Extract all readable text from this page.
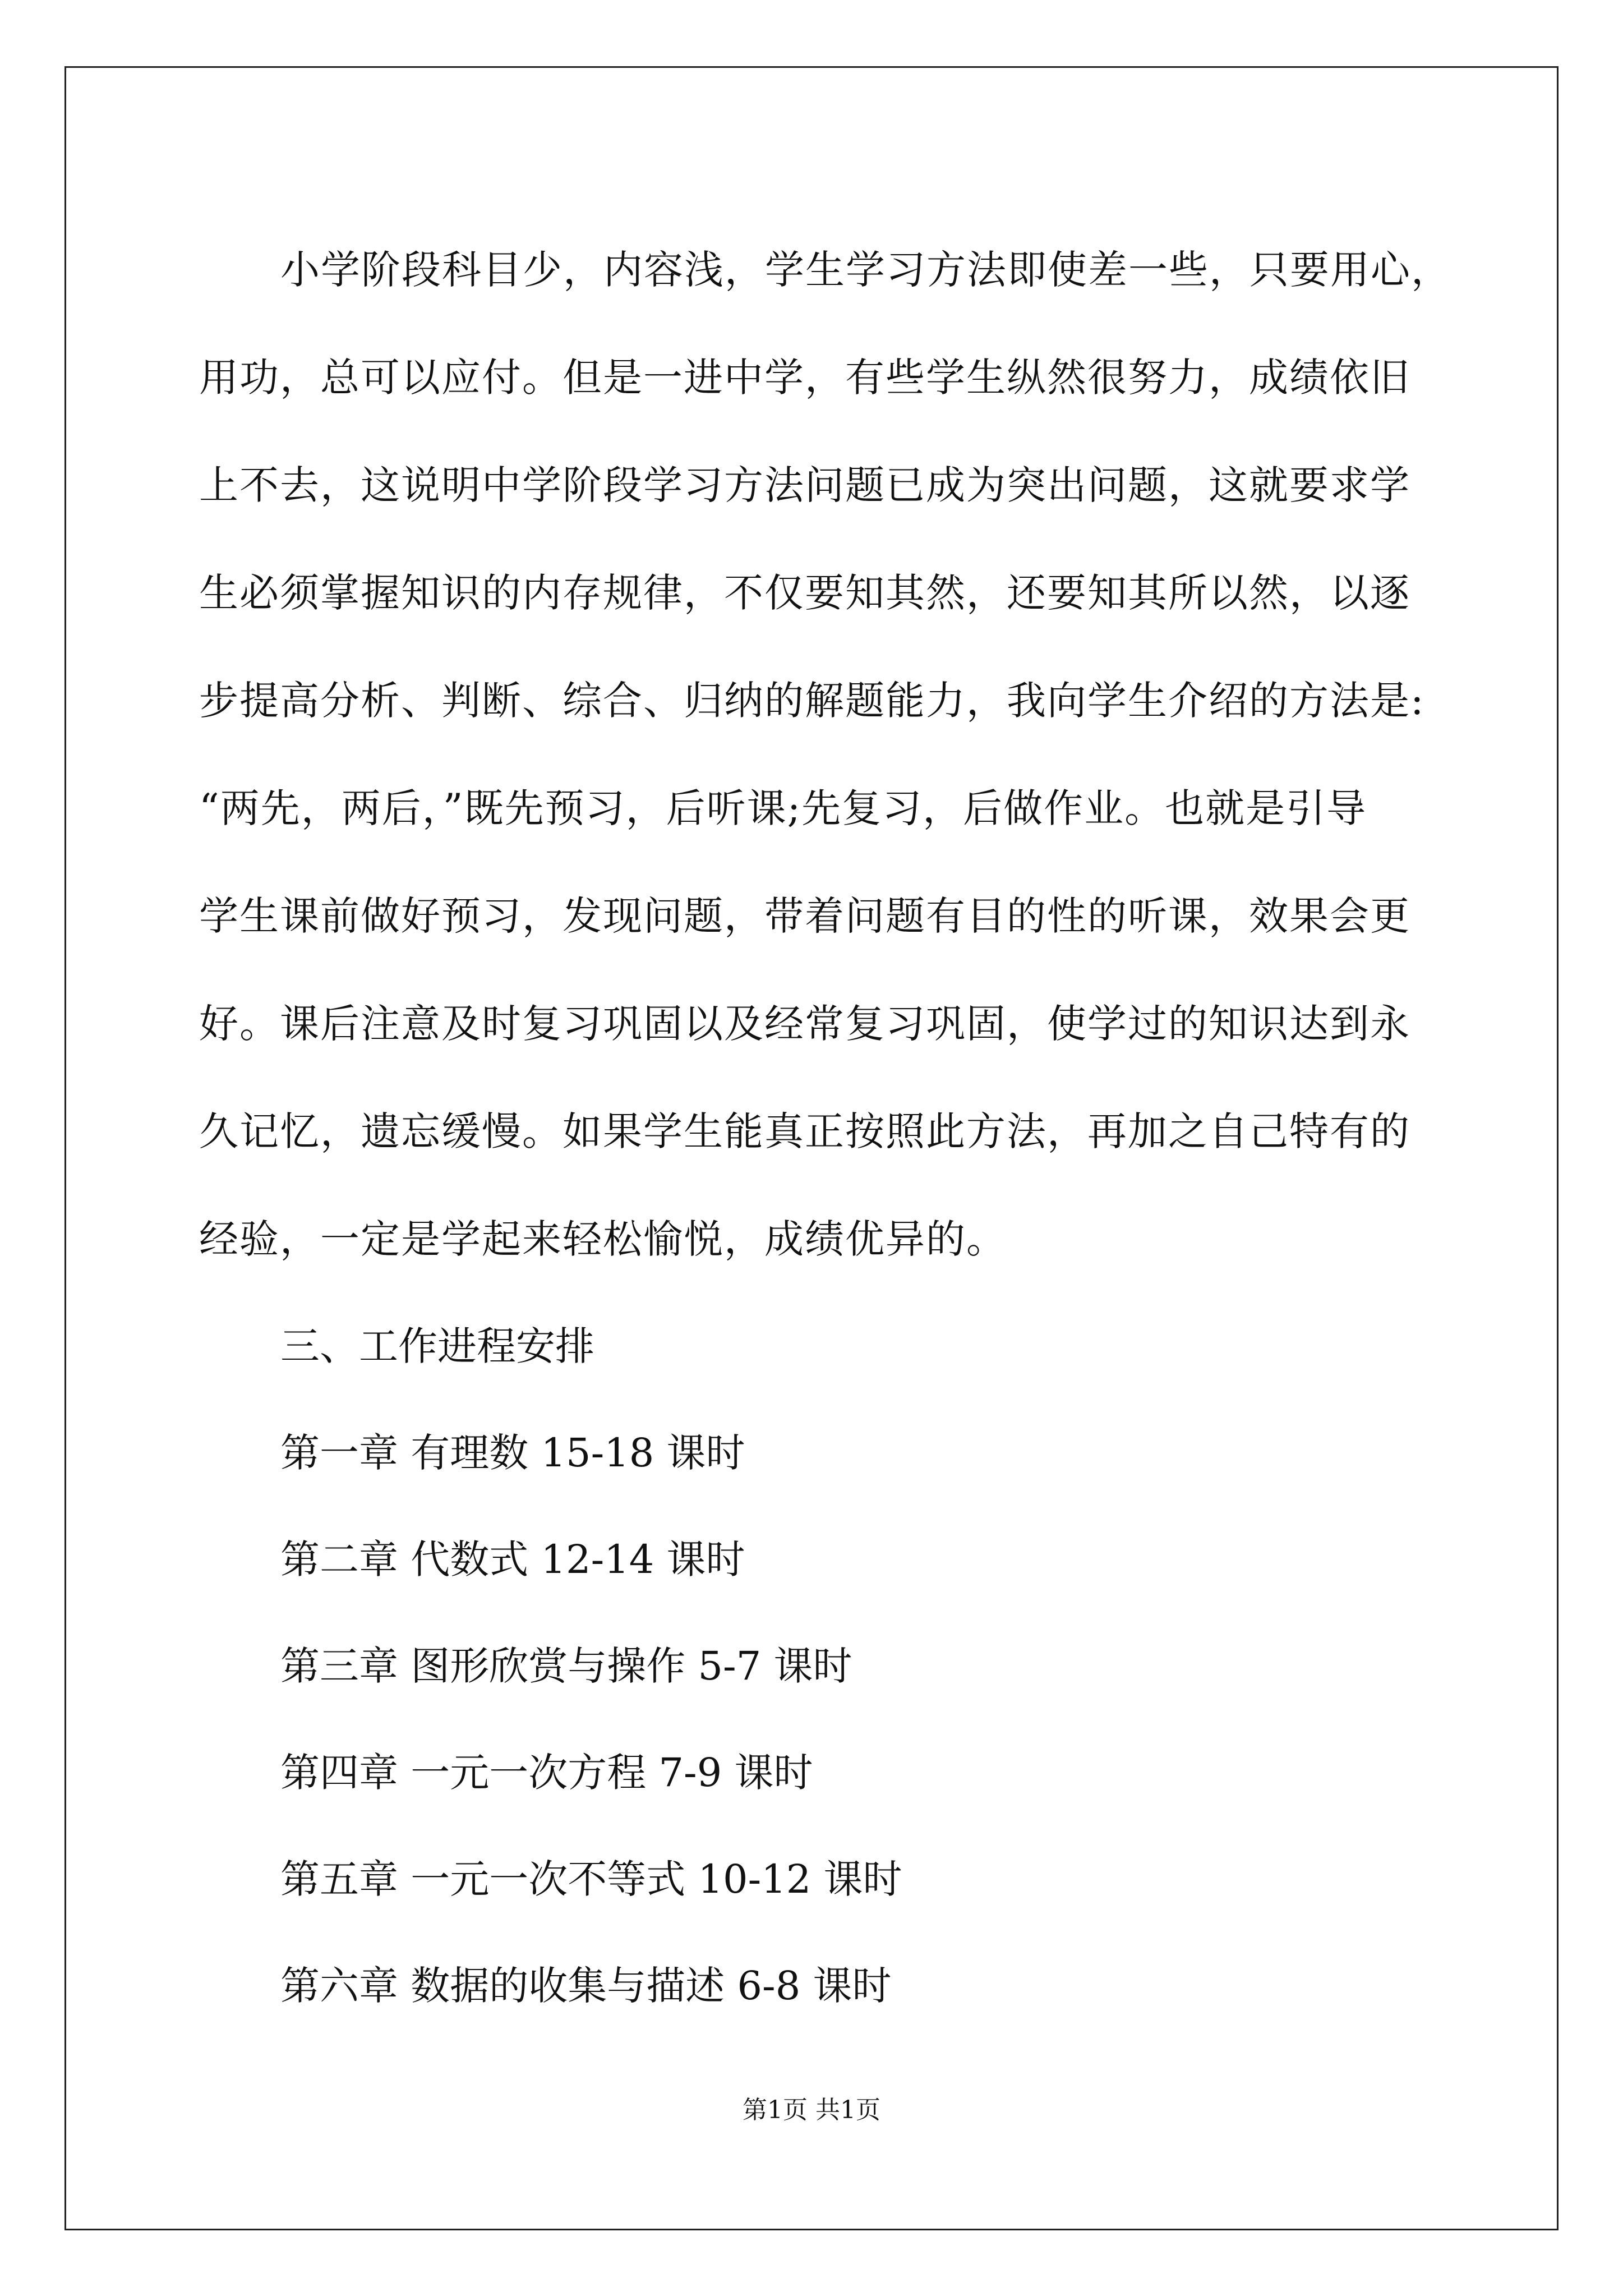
小学阶段科目少，内容浅，学生学习方法即使差一些，只要用心，
用功，总可以应付。但是一进中学，有些学生纵然很努力，成绩依旧
上不去，这说明中学阶段学习方法问题已成为突出问题，这就要求学
生必须掌握知识的内存规律，不仅要知其然，还要知其所以然，以逐
步提高分析、判断、综合、归纳的解题能力，我向学生介绍的方法是:
“两先，两后，”既先预习，后听课;先复习，后做作业。也就是引导
学生课前做好预习，发现问题，带着问题有目的性的听课，效果会更
好。课后注意及时复习巩固以及经常复习巩固，使学过的知识达到永
久记忆，遗忘缓慢。如果学生能真正按照此方法，再加之自己特有的
经验，一定是学起来轻松愉悦，成绩优异的。
三、工作进程安排
第一章 有理数 15-18 课时
第二章 代数式 12-14 课时
第三章 图形欣赏与操作 5-7 课时
第四章 一元一次方程 7-9 课时
第五章 一元一次不等式 10-12 课时
第六章 数据的收集与描述 6-8 课时
第1页 共1页
